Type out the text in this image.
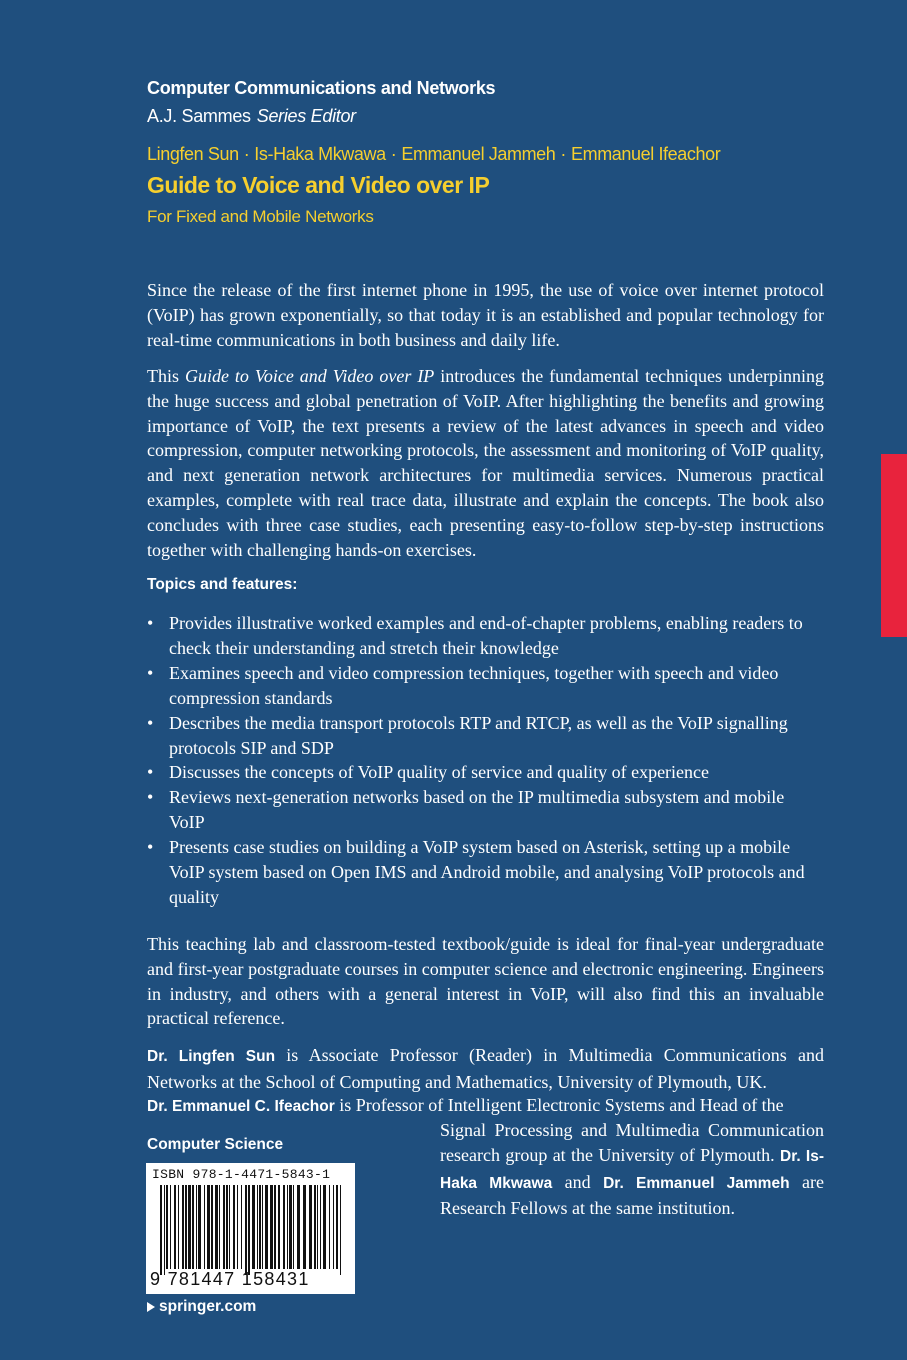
Computer Communications and Networks
A.J. Sammes Series Editor
Lingfen Sun · Is-Haka Mkwawa · Emmanuel Jammeh · Emmanuel Ifeachor
Guide to Voice and Video over IP
For Fixed and Mobile Networks

Since the release of the first internet phone in 1995, the use of voice over internet protocol (VoIP) has grown exponentially, so that today it is an established and popular technology for real-time communications in both business and daily life.

This Guide to Voice and Video over IP introduces the fundamental techniques underpinning the huge success and global penetration of VoIP. After highlighting the benefits and growing importance of VoIP, the text presents a review of the latest advances in speech and video compression, computer networking protocols, the assessment and monitoring of VoIP quality, and next generation network architectures for multimedia services. Numerous practical examples, complete with real trace data, illustrate and explain the concepts. The book also concludes with three case studies, each presenting easy-to-follow step-by-step instructions together with challenging hands-on exercises.

Topics and features:
• Provides illustrative worked examples and end-of-chapter problems, enabling readers to check their understanding and stretch their knowledge
• Examines speech and video compression techniques, together with speech and video compression standards
• Describes the media transport protocols RTP and RTCP, as well as the VoIP signalling protocols SIP and SDP
• Discusses the concepts of VoIP quality of service and quality of experience
• Reviews next-generation networks based on the IP multimedia subsystem and mobile VoIP
• Presents case studies on building a VoIP system based on Asterisk, setting up a mobile VoIP system based on Open IMS and Android mobile, and analysing VoIP protocols and quality

This teaching lab and classroom-tested textbook/guide is ideal for final-year undergraduate and first-year postgraduate courses in computer science and electronic engineering. Engineers in industry, and others with a general interest in VoIP, will also find this an invaluable practical reference.

Dr. Lingfen Sun is Associate Professor (Reader) in Multimedia Communications and Networks at the School of Computing and Mathematics, University of Plymouth, UK.

Dr. Emmanuel C. Ifeachor is Professor of Intelligent Electronic Systems and Head of the

Signal Processing and Multimedia Communication research group at the University of Plymouth. Dr. Is-Haka Mkwawa and Dr. Emmanuel Jammeh are Research Fellows at the same institution.

Computer Science
ISBN 978-1-4471-5843-1
9 781447 158431
springer.com
